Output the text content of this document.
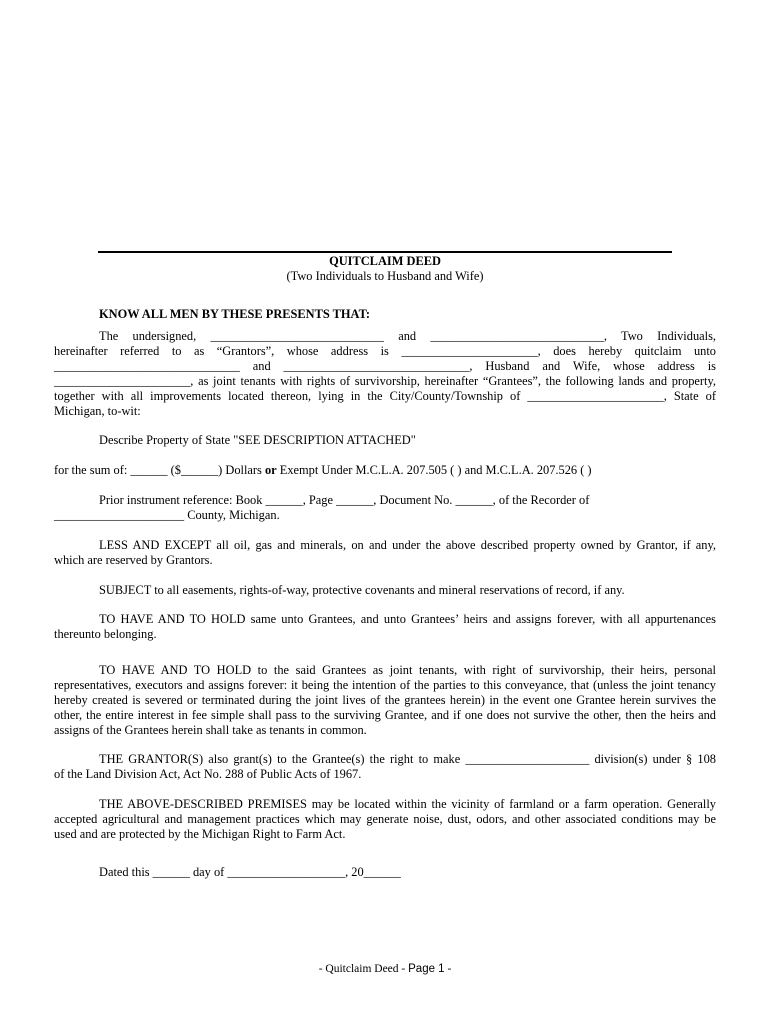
QUITCLAIM DEED
(Two Individuals to Husband and Wife)
KNOW ALL MEN BY THESE PRESENTS THAT:
The undersigned, ____________________________ and ____________________________, Two Individuals,
hereinafter referred to as “Grantors”, whose address is ______________________, does hereby quitclaim unto
______________________________ and ______________________________, Husband and Wife, whose address is
______________________, as joint tenants with rights of survivorship, hereinafter “Grantees”, the following lands and property,
together with all improvements located thereon, lying in the City/County/Township of ______________________, State of
Michigan, to-wit:
Describe Property of State "SEE DESCRIPTION ATTACHED"
for the sum of: ______ ($______) Dollars or Exempt Under M.C.L.A. 207.505 ( ) and M.C.L.A. 207.526 ( )
Prior instrument reference: Book ______, Page ______, Document No. ______, of the Recorder of
_____________________ County, Michigan.
LESS AND EXCEPT all oil, gas and minerals, on and under the above described property owned by Grantor, if any,
which are reserved by Grantors.
SUBJECT to all easements, rights-of-way, protective covenants and mineral reservations of record, if any.
TO HAVE AND TO HOLD same unto Grantees, and unto Grantees’ heirs and assigns forever, with all appurtenances
thereunto belonging.
TO HAVE AND TO HOLD to the said Grantees as joint tenants, with right of survivorship, their heirs, personal
representatives, executors and assigns forever: it being the intention of the parties to this conveyance, that (unless the joint tenancy
hereby created is severed or terminated during the joint lives of the grantees herein) in the event one Grantee herein survives the
other, the entire interest in fee simple shall pass to the surviving Grantee, and if one does not survive the other, then the heirs and
assigns of the Grantees herein shall take as tenants in common.
THE GRANTOR(S) also grant(s) to the Grantee(s) the right to make ____________________ division(s) under § 108
of the Land Division Act, Act No. 288 of Public Acts of 1967.
THE ABOVE-DESCRIBED PREMISES may be located within the vicinity of farmland or a farm operation. Generally
accepted agricultural and management practices which may generate noise, dust, odors, and other associated conditions may be
used and are protected by the Michigan Right to Farm Act.
Dated this ______ day of ___________________, 20______
- Quitclaim Deed - Page 1 -
